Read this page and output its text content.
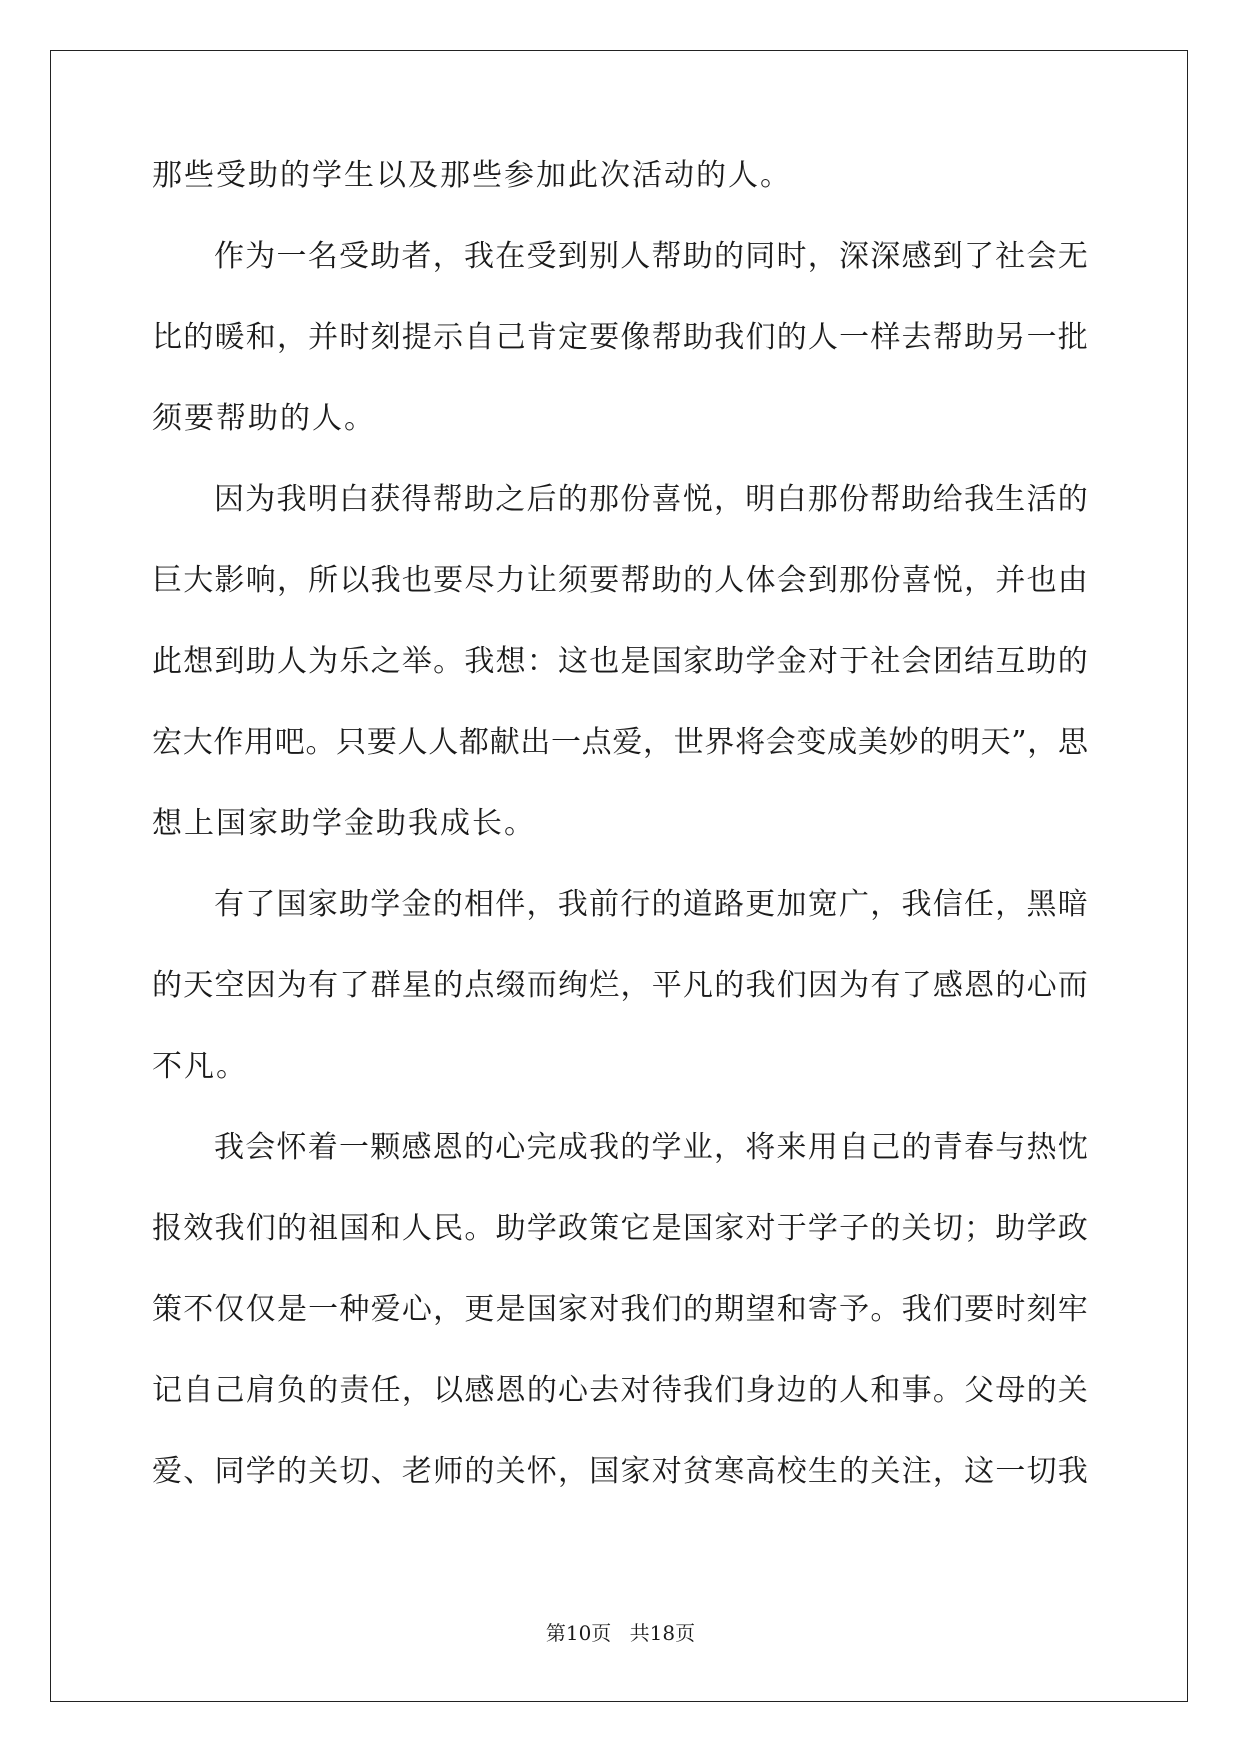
那些受助的学生以及那些参加此次活动的人。
作 为 一 名 受 助 者 ， 我 在 受 到 别 人 帮 助 的 同 时 ， 深 深 感 到 了 社 会 无
比 的 暖 和 ， 并 时 刻 提 示 自 己 肯 定 要 像 帮 助 我 们 的 人 一 样 去 帮 助 另 一 批
须要帮助的人。
因 为 我 明 白 获 得 帮 助 之 后 的 那 份 喜 悦 ， 明 白 那 份 帮 助 给 我 生 活 的
巨 大 影 响 ， 所 以 我 也 要 尽 力 让 须 要 帮 助 的 人 体 会 到 那 份 喜 悦 ， 并 也 由
此 想 到 助 人 为 乐 之 举 。 我 想 ： 这 也 是 国 家 助 学 金 对 于 社 会 团 结 互 助 的
宏 大 作 用 吧 。 只 要 人 人 都 献 出 一 点 爱 ， 世 界 将 会 变 成 美 妙 的 明 天 ” ， 思
想上国家助学金助我成长。
有 了 国 家 助 学 金 的 相 伴 ， 我 前 行 的 道 路 更 加 宽 广 ， 我 信 任 ， 黑 暗
的 天 空 因 为 有 了 群 星 的 点 缀 而 绚 烂 ， 平 凡 的 我 们 因 为 有 了 感 恩 的 心 而
不凡。
我 会 怀 着 一 颗 感 恩 的 心 完 成 我 的 学 业 ， 将 来 用 自 己 的 青 春 与 热 忱
报 效 我 们 的 祖 国 和 人 民 。 助 学 政 策 它 是 国 家 对 于 学 子 的 关 切 ； 助 学 政
策 不 仅 仅 是 一 种 爱 心 ， 更 是 国 家 对 我 们 的 期 望 和 寄 予 。 我 们 要 时 刻 牢
记 自 己 肩 负 的 责 任 ， 以 感 恩 的 心 去 对 待 我 们 身 边 的 人 和 事 。 父 母 的 关
爱 、 同 学 的 关 切 、 老 师 的 关 怀 ， 国 家 对 贫 寒 高 校 生 的 关 注 ， 这 一 切 我
第10页 共18页
